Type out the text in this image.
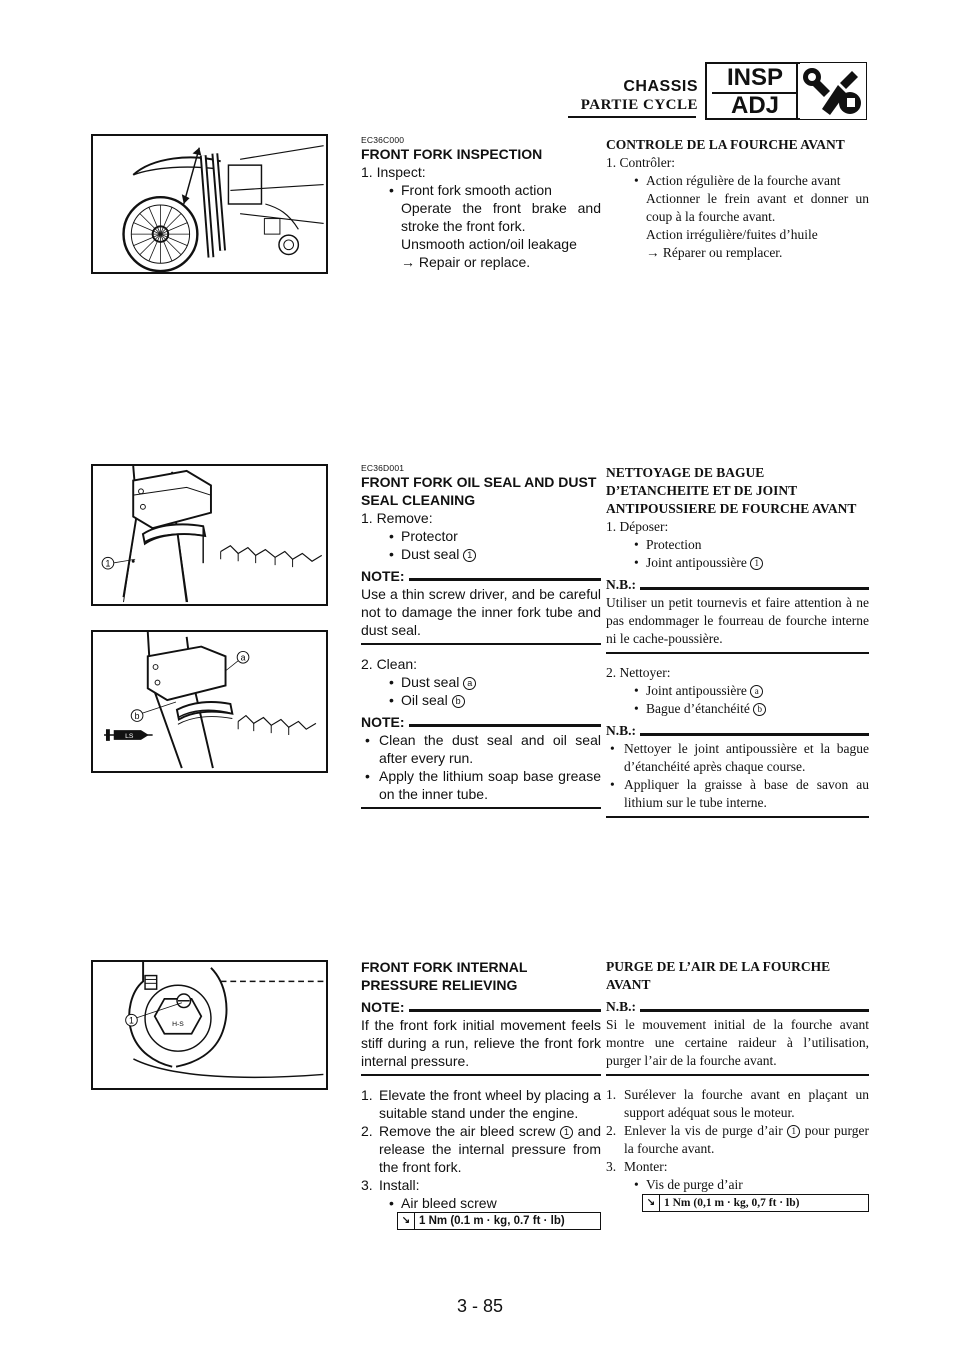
CHASSIS
PARTIE CYCLE
INSP
ADJ
1
a
b
LS
H-S
1
EC36C000
FRONT FORK INSPECTION
1. Inspect:
• Front fork smooth action
Operate the front brake and stroke the front fork.
Unsmooth action/oil leakage
→ Repair or replace.
CONTROLE DE LA FOURCHE AVANT
1. Contrôler:
• Action régulière de la fourche avant
Actionner le frein avant et donner un coup à la fourche avant.
Action irrégulière/fuites d’huile
→ Réparer ou remplacer.
EC36D001
FRONT FORK OIL SEAL AND DUST SEAL CLEANING
1. Remove:
• Protector
• Dust seal 1
NOTE:
Use a thin screw driver, and be careful not to damage the inner fork tube and dust seal.
2. Clean:
• Dust seal a
• Oil seal b
NOTE:
• Clean the dust seal and oil seal after every run.
• Apply the lithium soap base grease on the inner tube.
NETTOYAGE DE BAGUE D’ETANCHEITE ET DE JOINT ANTIPOUSSIERE DE FOURCHE AVANT
1. Déposer:
• Protection
• Joint antipoussière 1
N.B.:
Utiliser un petit tournevis et faire attention à ne pas endommager le fourreau de fourche interne ni le cache-poussière.
2. Nettoyer:
• Joint antipoussière a
• Bague d’étanchéité b
N.B.:
• Nettoyer le joint antipoussière et la bague d’étanchéité après chaque course.
• Appliquer la graisse à base de savon au lithium sur le tube interne.
FRONT FORK INTERNAL PRESSURE RELIEVING
NOTE:
If the front fork initial movement feels stiff during a run, relieve the front fork internal pressure.
1. Elevate the front wheel by placing a suitable stand under the engine.
2. Remove the air bleed screw 1 and release the internal pressure from the front fork.
3. Install:
• Air bleed screw
↘ 1 Nm (0.1 m · kg, 0.7 ft · lb)
PURGE DE L’AIR DE LA FOURCHE AVANT
N.B.:
Si le mouvement initial de la fourche avant montre une certaine raideur à l’utilisation, purger l’air de la fourche avant.
1. Surélever la fourche avant en plaçant un support adéquat sous le moteur.
2. Enlever la vis de purge d’air 1 pour purger la fourche avant.
3. Monter:
• Vis de purge d’air
↘ 1 Nm (0,1 m · kg, 0,7 ft · lb)
3 - 85
